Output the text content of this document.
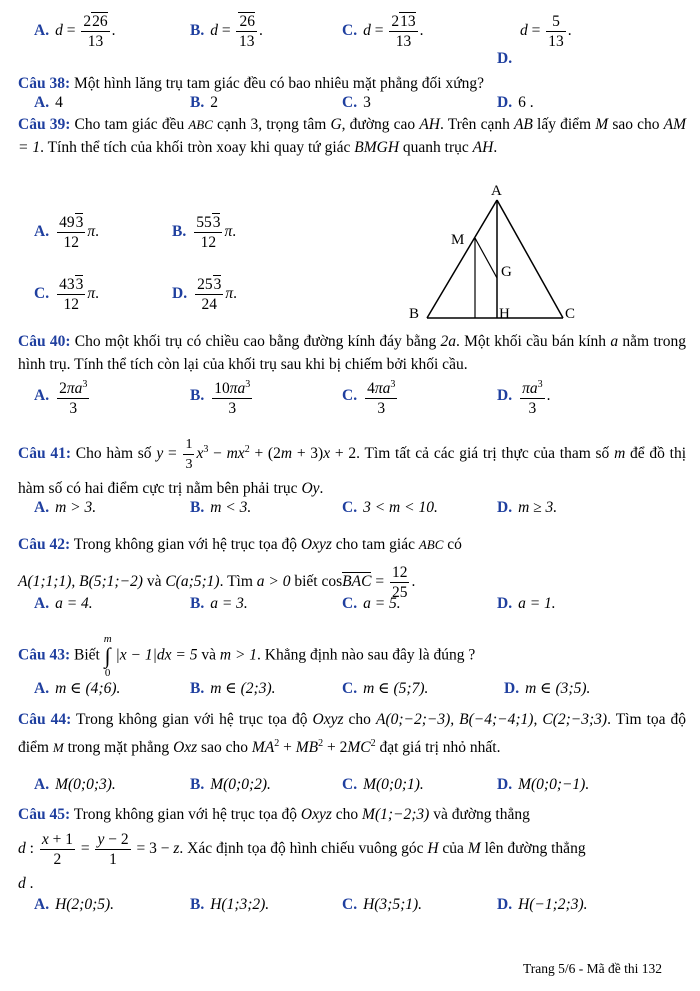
A. $d = \frac{226}{13}$ .	B. $d = \frac{26}{13}$ .	C. $d = \frac{213}{13}$ .	$d = \frac{5}{13}$ .
D.
Câu 38: Một hình lăng trụ tam giác đều có bao nhiêu mặt phẳng đối xứng?
A. 4	B. 2	C. 3	D. 6 .
Câu 39: Cho tam giác đều ABC cạnh 3, trọng tâm G, đường cao AH. Trên cạnh AB lấy điểm M sao cho AM = 1. Tính thể tích của khối tròn xoay khi quay tứ giác BMGH quanh trục AH.
A. $\frac{493}{12} \pi$.	B. $\frac{553}{12} \pi$.
C. $\frac{433}{12} \pi$.	D. $\frac{253}{24} \pi$.
A
M
G
B	H	C
Câu 40: Cho một khối trụ có chiều cao bằng đường kính đáy bằng 2a. Một khối cầu bán kính a nằm trong hình trụ. Tính thể tích còn lại của khối trụ sau khi bị chiếm bởi khối cầu.
A. $\frac{2\pi a^3}{3}$	B. $\frac{10\pi a^3}{3}$	C. $\frac{4\pi a^3}{3}$	D. $\frac{\pi a^3}{3}$ .
Câu 41: Cho hàm số $y = \frac{1}{3} x^3 - mx^2 + (2m + 3)x + 2$. Tìm tất cả các giá trị thực của tham số m để đồ thị hàm số có hai điểm cực trị nằm bên phải trục Oy.
A. m > 3.	B. m < 3.	C. 3 < m < 10.	D. m ≥ 3.
Câu 42: Trong không gian với hệ trục tọa độ Oxyz cho tam giác ABC có
A(1;1;1), B(5;1;−2) và C(a;5;1). Tìm a > 0 biết cosBAC = $\frac{12}{25}$ .
A. a = 4.	B. a = 3.	C. a = 5.	D. a = 1.
Câu 43: Biết
m
∫
0
|x − 1|dx = 5 và m > 1. Khẳng định nào sau đây là đúng ?
A. m ∈ (4;6).	B. m ∈ (2;3).	C. m ∈ (5;7).	D. m ∈ (3;5).
Câu 44: Trong không gian với hệ trục tọa độ Oxyz cho A(0;−2;−3), B(−4;−4;1), C(2;−3;3). Tìm tọa độ điểm M trong mặt phẳng Oxz sao cho $MA^2 + MB^2 + 2MC^2$ đạt giá trị nhỏ nhất.
A. M(0;0;3).	B. M(0;0;2).	C. M(0;0;1).	D. M(0;0;−1).
Câu 45: Trong không gian với hệ trục tọa độ Oxyz cho M(1;−2;3) và đường thẳng
d : $\frac{x + 1}{2} = \frac{y - 2}{1} = 3 - z$. Xác định tọa độ hình chiếu vuông góc H của M lên đường thẳng
d .
A. H(2;0;5).	B. H(1;3;2).	C. H(3;5;1).	D. H(−1;2;3).
Trang 5/6 - Mã đề thi 132
